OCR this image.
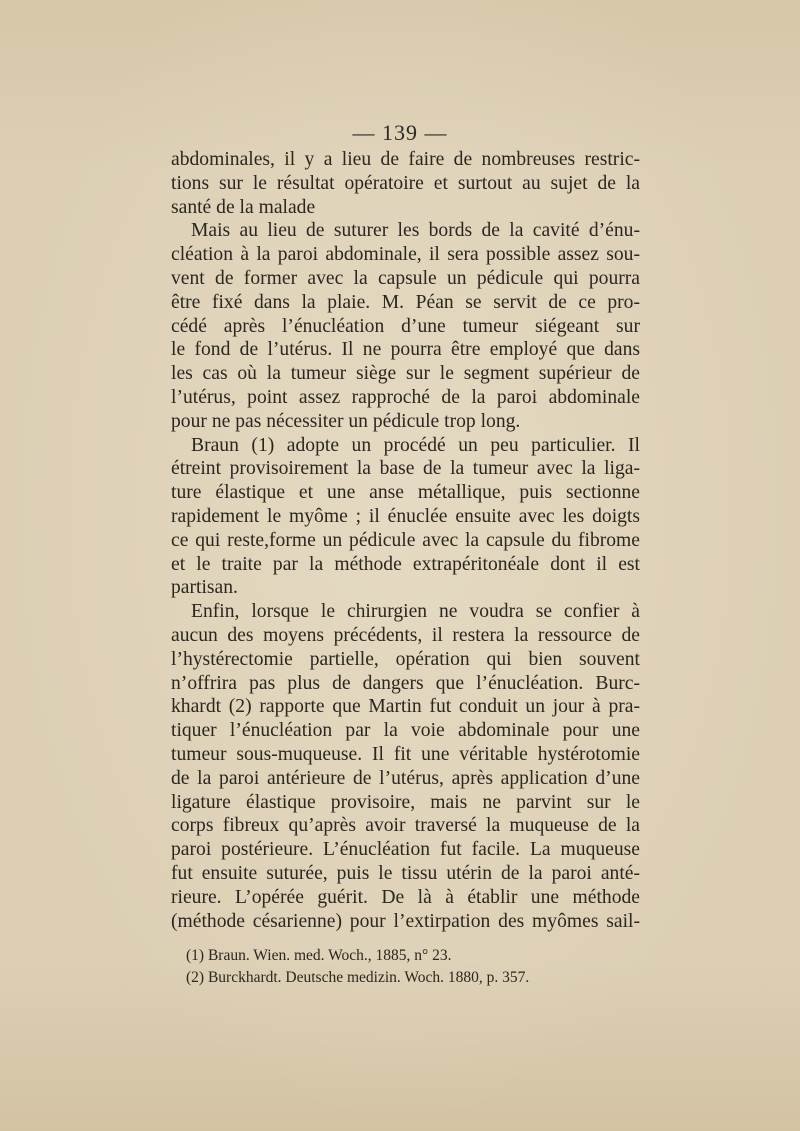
— 139 —
abdominales, il y a lieu de faire de nombreuses restric-
tions sur le résultat opératoire et surtout au sujet de la
santé de la malade
Mais au lieu de suturer les bords de la cavité d’énu-
cléation à la paroi abdominale, il sera possible assez sou-
vent de former avec la capsule un pédicule qui pourra
être fixé dans la plaie. M. Péan se servit de ce pro-
cédé après l’énucléation d’une tumeur siégeant sur
le fond de l’utérus. Il ne pourra être employé que dans
les cas où la tumeur siège sur le segment supérieur de
l’utérus, point assez rapproché de la paroi abdominale
pour ne pas nécessiter un pédicule trop long.
Braun (1) adopte un procédé un peu particulier. Il
étreint provisoirement la base de la tumeur avec la liga-
ture élastique et une anse métallique, puis sectionne
rapidement le myôme ; il énuclée ensuite avec les doigts
ce qui reste,forme un pédicule avec la capsule du fibrome
et le traite par la méthode extrapéritonéale dont il est
partisan.
Enfin, lorsque le chirurgien ne voudra se confier à
aucun des moyens précédents, il restera la ressource de
l’hystérectomie partielle, opération qui bien souvent
n’offrira pas plus de dangers que l’énucléation. Burc-
khardt (2) rapporte que Martin fut conduit un jour à pra-
tiquer l’énucléation par la voie abdominale pour une
tumeur sous-muqueuse. Il fit une véritable hystérotomie
de la paroi antérieure de l’utérus, après application d’une
ligature élastique provisoire, mais ne parvint sur le
corps fibreux qu’après avoir traversé la muqueuse de la
paroi postérieure. L’énucléation fut facile. La muqueuse
fut ensuite suturée, puis le tissu utérin de la paroi anté-
rieure. L’opérée guérit. De là à établir une méthode
(méthode césarienne) pour l’extirpation des myômes sail-
(1) Braun. Wien. med. Woch., 1885, n° 23.
(2) Burckhardt. Deutsche medizin. Woch. 1880, p. 357.
